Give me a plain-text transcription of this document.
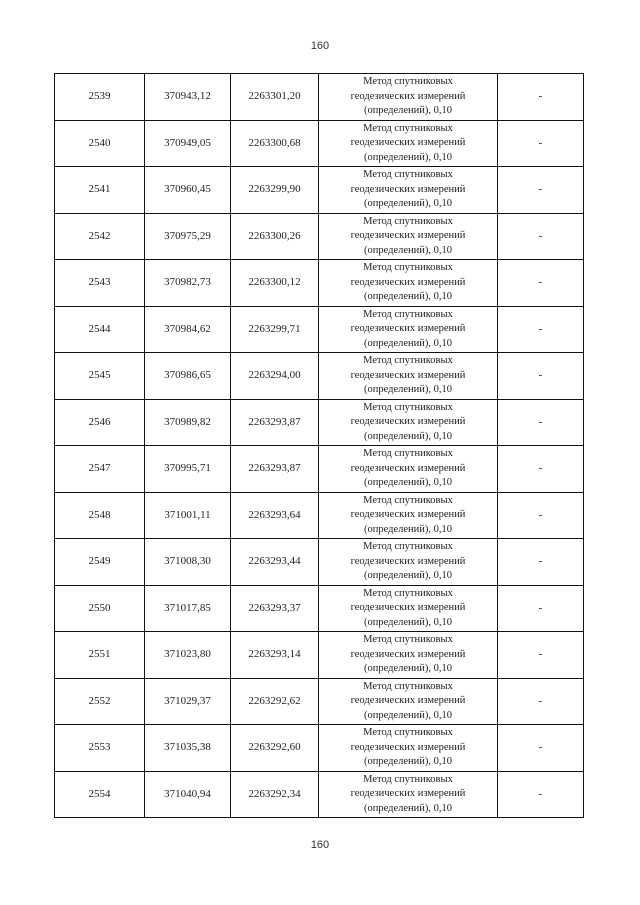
160
2539	370943,12	2263301,20	Метод спутниковых
геодезических измерений
(определений), 0,10	-
2540	370949,05	2263300,68	Метод спутниковых
геодезических измерений
(определений), 0,10	-
2541	370960,45	2263299,90	Метод спутниковых
геодезических измерений
(определений), 0,10	-
2542	370975,29	2263300,26	Метод спутниковых
геодезических измерений
(определений), 0,10	-
2543	370982,73	2263300,12	Метод спутниковых
геодезических измерений
(определений), 0,10	-
2544	370984,62	2263299,71	Метод спутниковых
геодезических измерений
(определений), 0,10	-
2545	370986,65	2263294,00	Метод спутниковых
геодезических измерений
(определений), 0,10	-
2546	370989,82	2263293,87	Метод спутниковых
геодезических измерений
(определений), 0,10	-
2547	370995,71	2263293,87	Метод спутниковых
геодезических измерений
(определений), 0,10	-
2548	371001,11	2263293,64	Метод спутниковых
геодезических измерений
(определений), 0,10	-
2549	371008,30	2263293,44	Метод спутниковых
геодезических измерений
(определений), 0,10	-
2550	371017,85	2263293,37	Метод спутниковых
геодезических измерений
(определений), 0,10	-
2551	371023,80	2263293,14	Метод спутниковых
геодезических измерений
(определений), 0,10	-
2552	371029,37	2263292,62	Метод спутниковых
геодезических измерений
(определений), 0,10	-
2553	371035,38	2263292,60	Метод спутниковых
геодезических измерений
(определений), 0,10	-
2554	371040,94	2263292,34	Метод спутниковых
геодезических измерений
(определений), 0,10	-
160
